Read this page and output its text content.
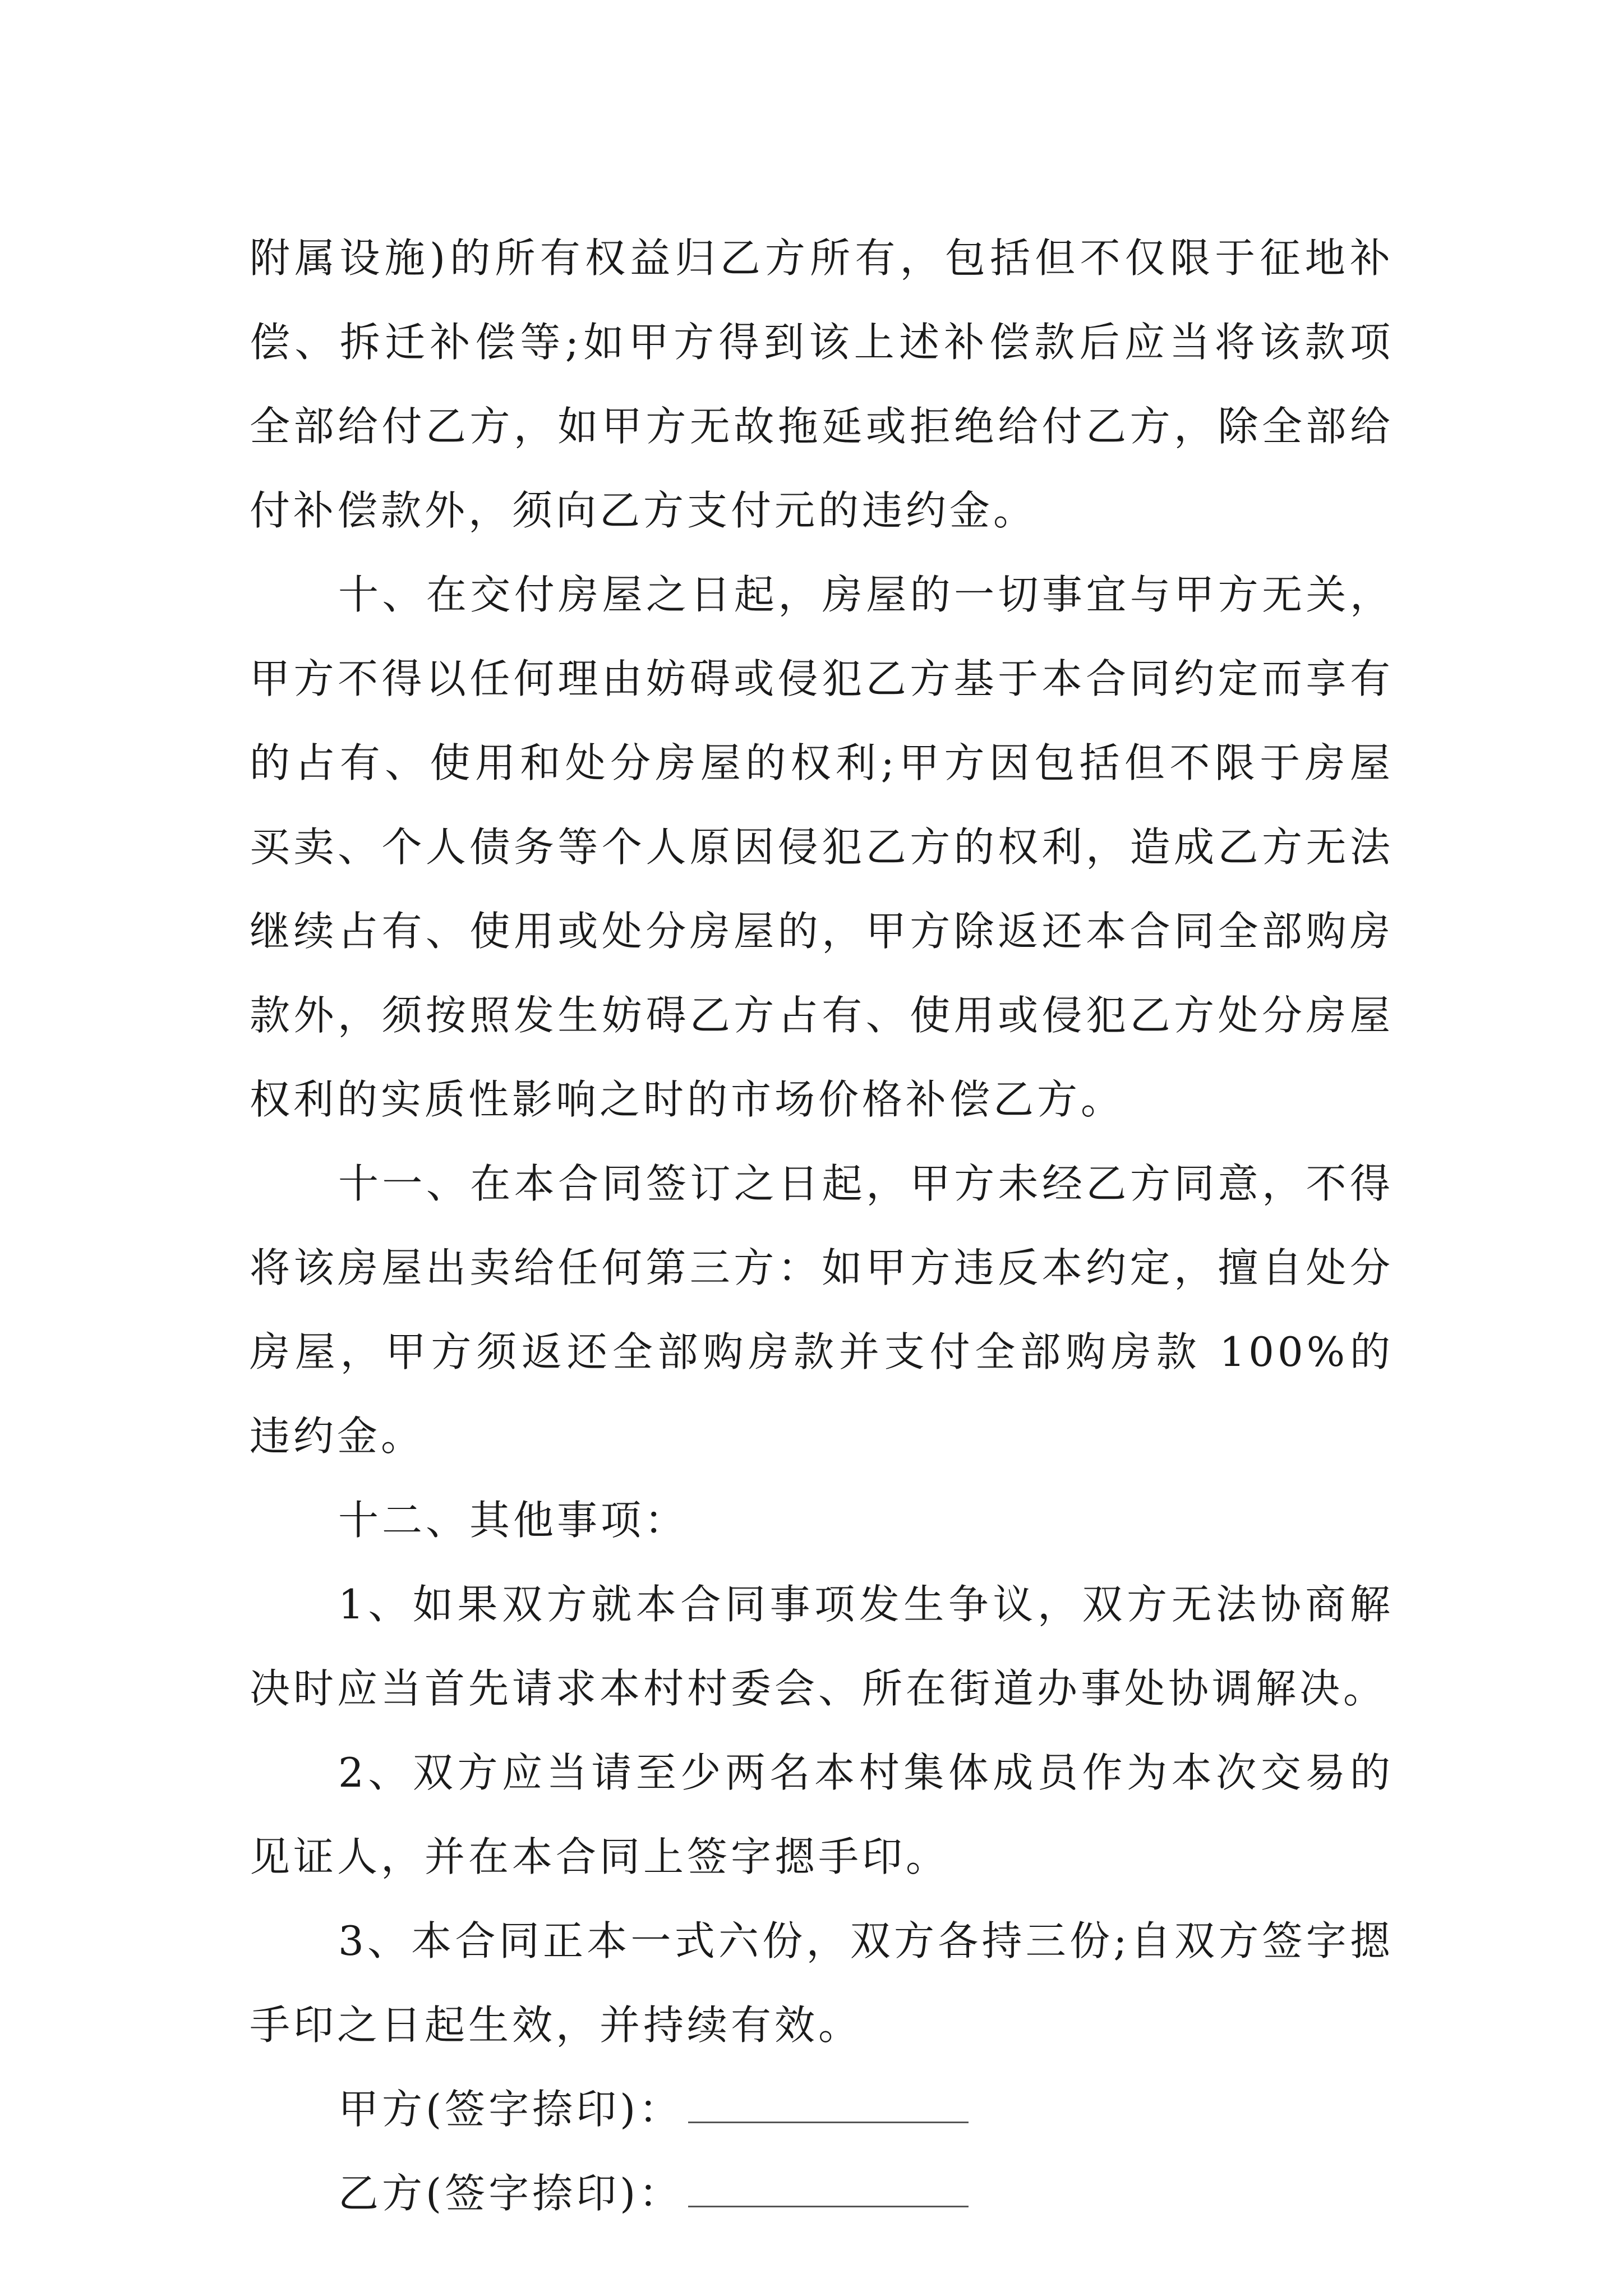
附属设施)的所有权益归乙方所有，包括但不仅限于征地补偿、拆迁补偿等;如甲方得到该上述补偿款后应当将该款项全部给付乙方，如甲方无故拖延或拒绝给付乙方，除全部给付补偿款外，须向乙方支付元的违约金。

十、在交付房屋之日起，房屋的一切事宜与甲方无关，甲方不得以任何理由妨碍或侵犯乙方基于本合同约定而享有的占有、使用和处分房屋的权利;甲方因包括但不限于房屋买卖、个人债务等个人原因侵犯乙方的权利，造成乙方无法继续占有、使用或处分房屋的，甲方除返还本合同全部购房款外，须按照发生妨碍乙方占有、使用或侵犯乙方处分房屋权利的实质性影响之时的市场价格补偿乙方。

十一、在本合同签订之日起，甲方未经乙方同意，不得将该房屋出卖给任何第三方：如甲方违反本约定，擅自处分房屋，甲方须返还全部购房款并支付全部购房款 100%的违约金。

十二、其他事项：

1、如果双方就本合同事项发生争议，双方无法协商解决时应当首先请求本村村委会、所在街道办事处协调解决。

2、双方应当请至少两名本村集体成员作为本次交易的见证人，并在本合同上签字摁手印。

3、本合同正本一式六份，双方各持三份;自双方签字摁手印之日起生效，并持续有效。

甲方(签字捺印)：

乙方(签字捺印)：
